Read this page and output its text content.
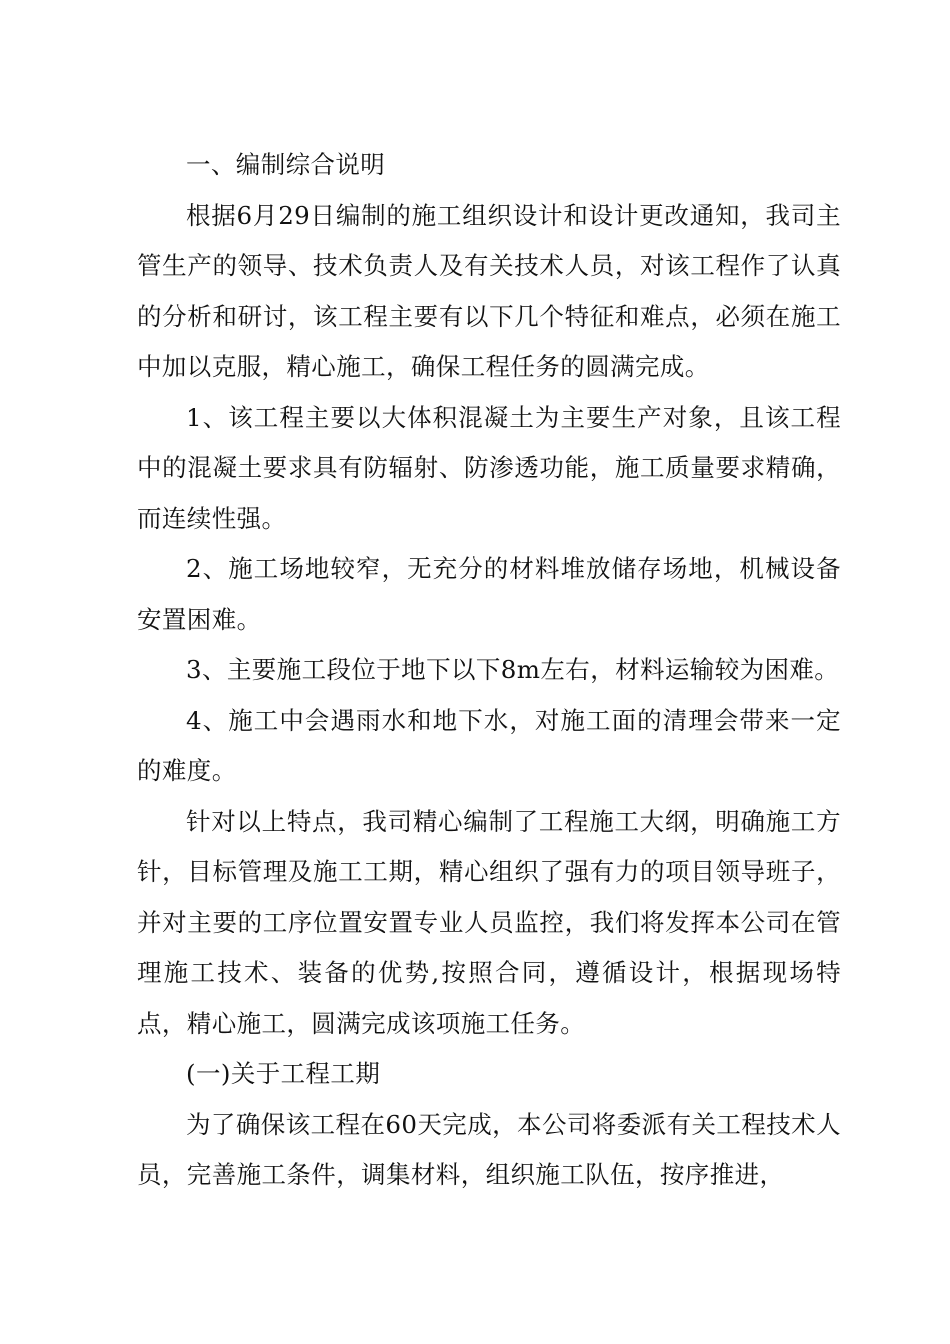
一、编制综合说明

根据6月29日编制的施工组织设计和设计更改通知，我司主管生产的领导、技术负责人及有关技术人员，对该工程作了认真的分析和研讨，该工程主要有以下几个特征和难点，必须在施工中加以克服，精心施工，确保工程任务的圆满完成。

1、该工程主要以大体积混凝土为主要生产对象，且该工程中的混凝土要求具有防辐射、防渗透功能，施工质量要求精确，而连续性强。

2、施工场地较窄，无充分的材料堆放储存场地，机械设备安置困难。

3、主要施工段位于地下以下8m左右，材料运输较为困难。

4、施工中会遇雨水和地下水，对施工面的清理会带来一定的难度。

针对以上特点，我司精心编制了工程施工大纲，明确施工方针，目标管理及施工工期，精心组织了强有力的项目领导班子，并对主要的工序位置安置专业人员监控，我们将发挥本公司在管理施工技术、装备的优势,按照合同，遵循设计，根据现场特点，精心施工，圆满完成该项施工任务。

(一)关于工程工期

为了确保该工程在60天完成，本公司将委派有关工程技术人员，完善施工条件，调集材料，组织施工队伍，按序推进，
